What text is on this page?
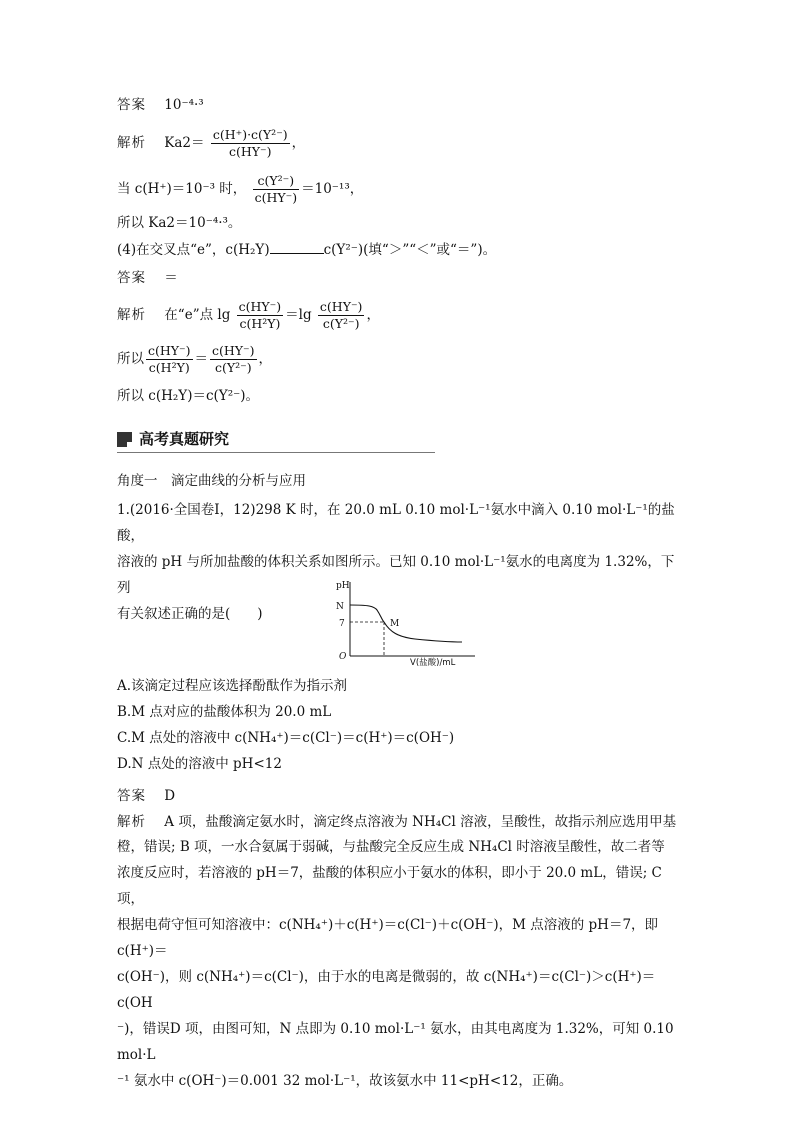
答案 10⁻⁴·³
解析 $Ka2= \frac{\text{c(H⁺)·c(Y²⁻)}}{c(HY^-)}$ ，
当 c(H⁺)＝10⁻³ 时， $\frac{\text{c(Y²⁻)}}{c(HY^-)} =10^{-13}$，
所以 Ka2＝10⁻⁴·³。
(4)在交叉点“e”，c(H₂Y)	c(Y²⁻)(填“＞”“＜”或“＝”)。
答案 ＝
解析 在“e”点 $\lg \frac{c(HY^-)}{\text{c(H²Y)}} =\lg \frac{c(HY^-)}{\text{c(Y²⁻)}}$ ，
所以 $\frac{c(HY^-)}{\text{c(H²Y)}} = \frac{c(HY^-)}{\text{c(Y²⁻)}}$ ，
所以 c(H₂Y)＝c(Y²⁻)。
高考真题研究
角度一　滴定曲线的分析与应用
1.(2016·全国卷Ⅰ，12)298 K 时，在 20.0 mL 0.10 mol·L⁻¹氨水中滴入 0.10 mol·L⁻¹的盐酸，
溶液的 pH 与所加盐酸的体积关系如图所示。已知 0.10 mol·L⁻¹氨水的电离度为 1.32%，下列
有关叙述正确的是(　　)
pH
V(盐酸)/mL
O
7
N
M
A.该滴定过程应该选择酚酞作为指示剂
B.M 点对应的盐酸体积为 20.0 mL
C.M 点处的溶液中 c(NH₄⁺)＝c(Cl⁻)＝c(H⁺)＝c(OH⁻)
D.N 点处的溶液中 pH<12
答案 D
解析 A 项，盐酸滴定氨水时，滴定终点溶液为 NH₄Cl 溶液，呈酸性，故指示剂应选用甲基
橙，错误; B 项，一水合氨属于弱碱，与盐酸完全反应生成 NH₄Cl 时溶液呈酸性，故二者等
浓度反应时，若溶液的 pH＝7，盐酸的体积应小于氨水的体积，即小于 20.0 mL，错误; C 项，
根据电荷守恒可知溶液中：c(NH₄⁺)＋c(H⁺)＝c(Cl⁻)＋c(OH⁻)，M 点溶液的 pH＝7，即 c(H⁺)＝
c(OH⁻)，则 c(NH₄⁺)＝c(Cl⁻)，由于水的电离是微弱的，故 c(NH₄⁺)＝c(Cl⁻)＞c(H⁺)＝c(OH
⁻)，错误D 项，由图可知，N 点即为 0.10 mol·L⁻¹ 氨水，由其电离度为 1.32%，可知 0.10 mol·L
⁻¹ 氨水中 c(OH⁻)＝0.001 32 mol·L⁻¹，故该氨水中 11<pH<12，正确。
